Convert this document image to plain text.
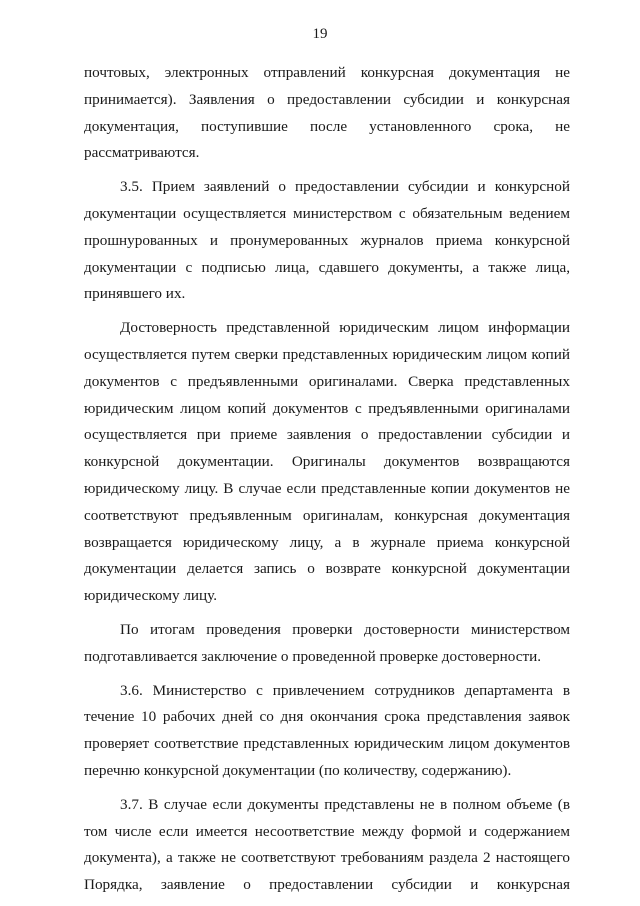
19
почтовых, электронных отправлений конкурсная документация не
принимается). Заявления о предоставлении субсидии и конкурсная
документация, поступившие после установленного срока, не
рассматриваются.
3.5. Прием заявлений о предоставлении субсидии и конкурсной
документации осуществляется министерством с обязательным ведением
прошнурованных и пронумерованных журналов приема конкурсной
документации с подписью лица, сдавшего документы, а также лица,
принявшего их.
Достоверность представленной юридическим лицом информации
осуществляется путем сверки представленных юридическим лицом копий
документов с предъявленными оригиналами. Сверка представленных
юридическим лицом копий документов с предъявленными оригиналами
осуществляется при приеме заявления о предоставлении субсидии и
конкурсной документации. Оригиналы документов возвращаются
юридическому лицу. В случае если представленные копии документов не
соответствуют предъявленным оригиналам, конкурсная документация
возвращается юридическому лицу, а в журнале приема конкурсной
документации делается запись о возврате конкурсной документации
юридическому лицу.
По итогам проведения проверки достоверности министерством
подготавливается заключение о проведенной проверке достоверности.
3.6. Министерство с привлечением сотрудников департамента в
течение 10 рабочих дней со дня окончания срока представления заявок
проверяет соответствие представленных юридическим лицом документов
перечню конкурсной документации (по количеству, содержанию).
3.7. В случае если документы представлены не в полном объеме (в
том числе если имеется несоответствие между формой и содержанием
документа), а также не соответствуют требованиям раздела 2 настоящего
Порядка, заявление о предоставлении субсидии и конкурсная
